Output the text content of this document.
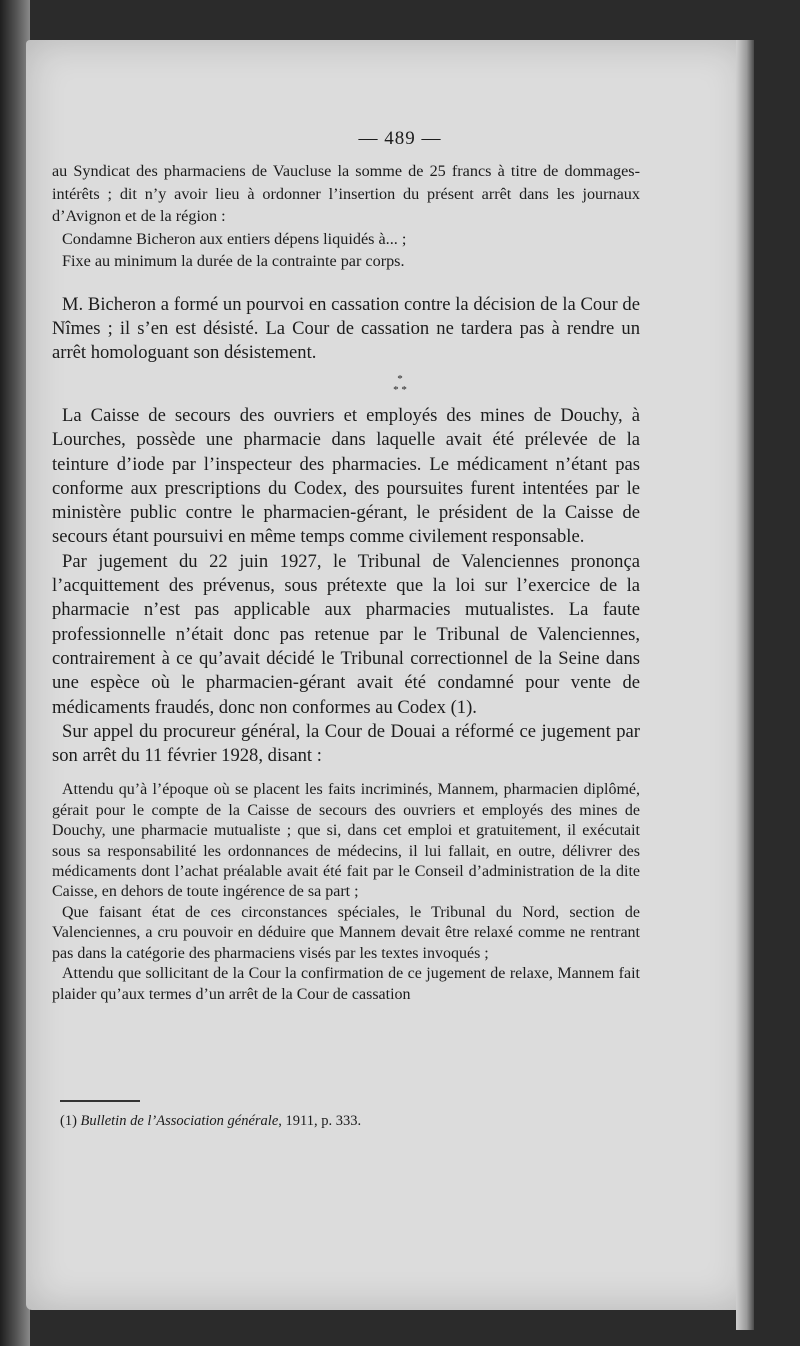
— 489 —

au Syndicat des pharmaciens de Vaucluse la somme de 25 francs à titre de dommages-intérêts ; dit n’y avoir lieu à ordonner l’insertion du présent arrêt dans les journaux d’Avignon et de la région :

Condamne Bicheron aux entiers dépens liquidés à... ;

Fixe au minimum la durée de la contrainte par corps.

M. Bicheron a formé un pourvoi en cassation contre la décision de la Cour de Nîmes ; il s’en est désisté. La Cour de cassation ne tardera pas à rendre un arrêt homologuant son désistement.

*
* *

La Caisse de secours des ouvriers et employés des mines de Douchy, à Lourches, possède une pharmacie dans laquelle avait été prélevée de la teinture d’iode par l’inspecteur des pharmacies. Le médicament n’étant pas conforme aux prescriptions du Codex, des poursuites furent intentées par le ministère public contre le pharmacien-gérant, le président de la Caisse de secours étant poursuivi en même temps comme civilement responsable.

Par jugement du 22 juin 1927, le Tribunal de Valenciennes prononça l’acquittement des prévenus, sous prétexte que la loi sur l’exercice de la pharmacie n’est pas applicable aux pharmacies mutualistes. La faute professionnelle n’était donc pas retenue par le Tribunal de Valenciennes, contrairement à ce qu’avait décidé le Tribunal correctionnel de la Seine dans une espèce où le pharmacien-gérant avait été condamné pour vente de médicaments fraudés, donc non conformes au Codex (1).

Sur appel du procureur général, la Cour de Douai a réformé ce jugement par son arrêt du 11 février 1928, disant :

Attendu qu’à l’époque où se placent les faits incriminés, Mannem, pharmacien diplômé, gérait pour le compte de la Caisse de secours des ouvriers et employés des mines de Douchy, une pharmacie mutualiste ; que si, dans cet emploi et gratuitement, il exécutait sous sa responsabilité les ordonnances de médecins, il lui fallait, en outre, délivrer des médicaments dont l’achat préalable avait été fait par le Conseil d’administration de la dite Caisse, en dehors de toute ingérence de sa part ;

Que faisant état de ces circonstances spéciales, le Tribunal du Nord, section de Valenciennes, a cru pouvoir en déduire que Mannem devait être relaxé comme ne rentrant pas dans la catégorie des pharmaciens visés par les textes invoqués ;

Attendu que sollicitant de la Cour la confirmation de ce jugement de relaxe, Mannem fait plaider qu’aux termes d’un arrêt de la Cour de cassation

(1) Bulletin de l’Association générale, 1911, p. 333.
